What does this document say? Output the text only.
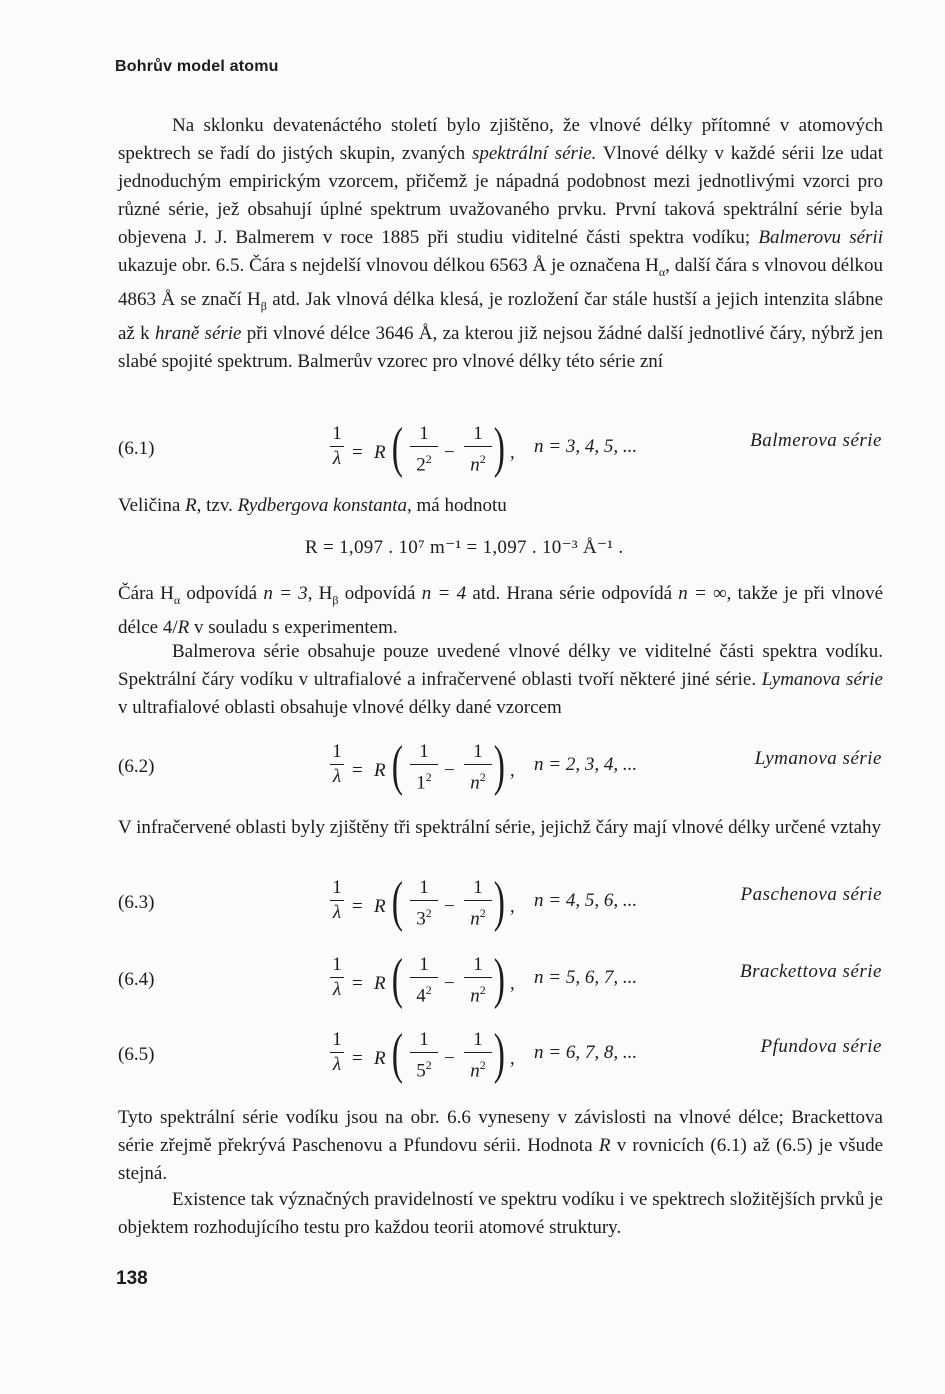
Bohrův model atomu
Na sklonku devatenáctého století bylo zjištěno, že vlnové délky přítomné v atomových spektrech se řadí do jistých skupin, zvaných spektrální série. Vlnové délky v každé sérii lze udat jednoduchým empirickým vzorcem, přičemž je nápadná podobnost mezi jednotlivými vzorci pro různé série, jež obsahují úplné spektrum uvažovaného prvku. První taková spektrální série byla objevena J. J. Balmerem v roce 1885 při studiu viditelné části spektra vodíku; Balmerovu sérii ukazuje obr. 6.5. Čára s nejdelší vlnovou délkou 6563 Å je označena $H_\alpha$, další čára s vlnovou délkou 4863 Å se značí $H_\beta$ atd. Jak vlnová délka klesá, je rozložení čar stále hustší a jejich intenzita slábne až k hraně série při vlnové délce 3646 Å, za kterou již nejsou žádné další jednotlivé čáry, nýbrž jen slabé spojité spektrum. Balmerův vzorec pro vlnové délky této série zní
(6.1)
1
λ = R ( 1
$2^2$ −
1
$n^2$ ) , n = 3, 4, 5, ...	Balmerova série
(6.2)
1
λ = R ( 1
$1^2$ −
1
$n^2$ ) , n = 2, 3, 4, ...	Lymanova série
(6.3)
1
λ = R ( 1
$3^2$ −
1
$n^2$ ) , n = 4, 5, 6, ...	Paschenova série
(6.4)
1
λ = R ( 1
$4^2$ −
1
$n^2$ ) , n = 5, 6, 7, ...	Brackettova série
(6.5)
1
λ = R ( 1
$5^2$ −
1
$n^2$ ) , n = 6, 7, 8, ...	Pfundova série
Veličina R, tzv. Rydbergova konstanta, má hodnotu
R = 1,097 . 10⁷ m⁻¹ = 1,097 . 10⁻³ Å⁻¹ .
Čára $H_\alpha$ odpovídá n = 3, $H_\beta$ odpovídá n = 4 atd. Hrana série odpovídá n = ∞, takže je při vlnové délce 4/R v souladu s experimentem.
Balmerova série obsahuje pouze uvedené vlnové délky ve viditelné části spektra vodíku. Spektrální čáry vodíku v ultrafialové a infračervené oblasti tvoří některé jiné série. Lymanova série v ultrafialové oblasti obsahuje vlnové délky dané vzorcem
V infračervené oblasti byly zjištěny tři spektrální série, jejichž čáry mají vlnové délky určené vztahy
Tyto spektrální série vodíku jsou na obr. 6.6 vyneseny v závislosti na vlnové délce; Brackettova série zřejmě překrývá Paschenovu a Pfundovu sérii. Hodnota R v rovnicích (6.1) až (6.5) je všude stejná.
Existence tak význačných pravidelností ve spektru vodíku i ve spektrech složitějších prvků je objektem rozhodujícího testu pro každou teorii atomové struktury.
138
